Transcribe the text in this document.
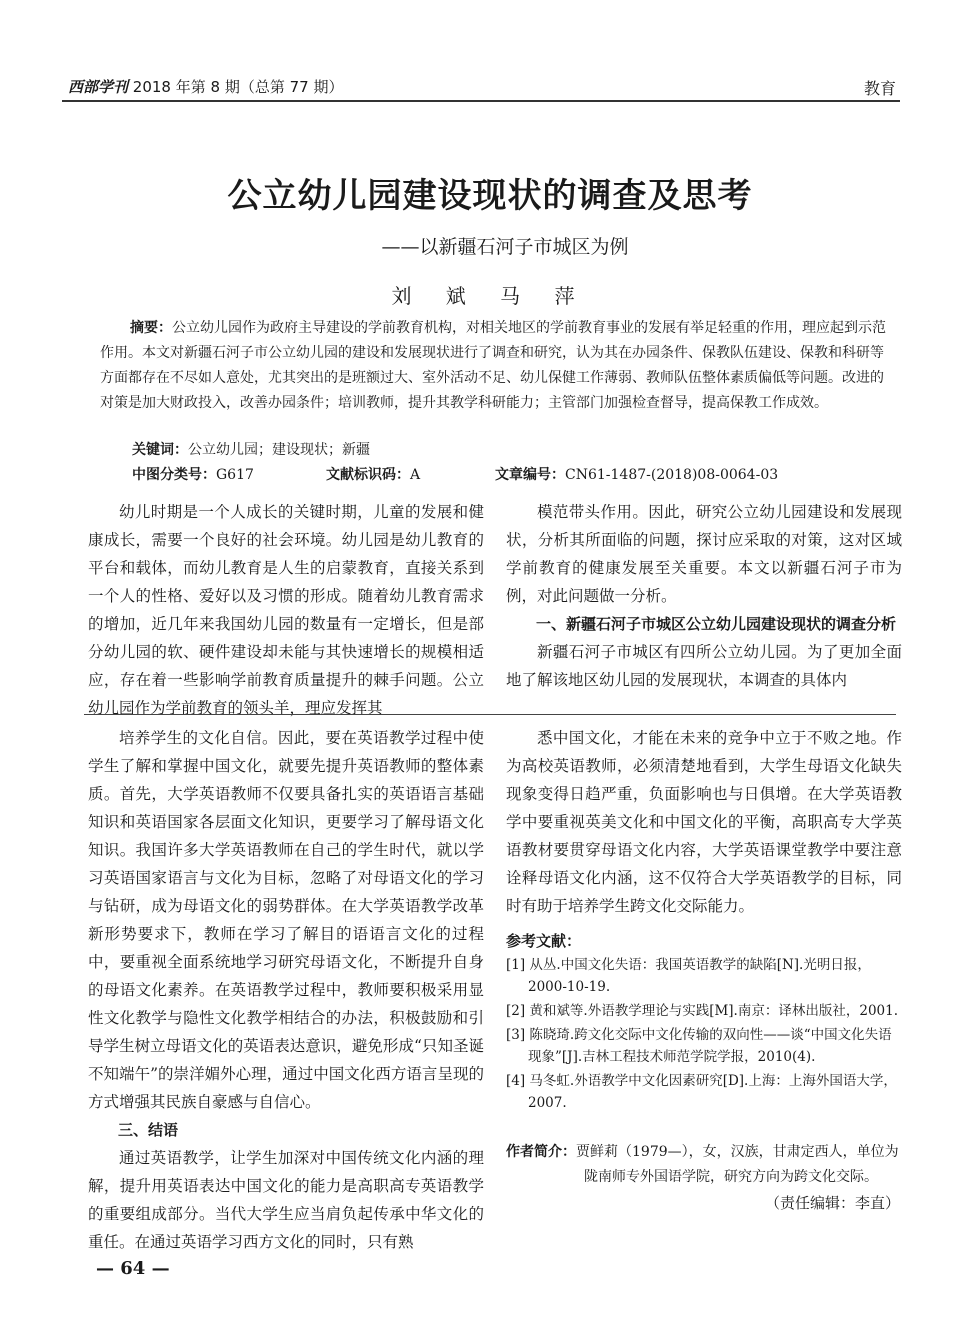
西部学刊 2018 年第 8 期（总第 77 期）	教育
公立幼儿园建设现状的调查及思考
——以新疆石河子市城区为例
刘 斌 马 萍
摘要：公立幼儿园作为政府主导建设的学前教育机构，对相关地区的学前教育事业的发展有举足轻重的作用，理应起到示范作用。本文对新疆石河子市公立幼儿园的建设和发展现状进行了调查和研究，认为其在办园条件、保教队伍建设、保教和科研等方面都存在不尽如人意处，尤其突出的是班额过大、室外活动不足、幼儿保健工作薄弱、教师队伍整体素质偏低等问题。改进的对策是加大财政投入，改善办园条件；培训教师，提升其教学科研能力；主管部门加强检查督导，提高保教工作成效。
关键词：公立幼儿园；建设现状；新疆
中图分类号：G617	文献标识码：A	文章编号：CN61-1487-(2018)08-0064-03

幼儿时期是一个人成长的关键时期，儿童的发展和健康成长，需要一个良好的社会环境。幼儿园是幼儿教育的平台和载体，而幼儿教育是人生的启蒙教育，直接关系到一个人的性格、爱好以及习惯的形成。随着幼儿教育需求的增加，近几年来我国幼儿园的数量有一定增长，但是部分幼儿园的软、硬件建设却未能与其快速增长的规模相适应，存在着一些影响学前教育质量提升的棘手问题。公立幼儿园作为学前教育的领头羊，理应发挥其

模范带头作用。因此，研究公立幼儿园建设和发展现状，分析其所面临的问题，探讨应采取的对策，这对区域学前教育的健康发展至关重要。本文以新疆石河子市为例，对此问题做一分析。

一、新疆石河子市城区公立幼儿园建设现状的调查分析

新疆石河子市城区有四所公立幼儿园。为了更加全面地了解该地区幼儿园的发展现状，本调查的具体内

培养学生的文化自信。因此，要在英语教学过程中使学生了解和掌握中国文化，就要先提升英语教师的整体素质。首先，大学英语教师不仅要具备扎实的英语语言基础知识和英语国家各层面文化知识，更要学习了解母语文化知识。我国许多大学英语教师在自己的学生时代，就以学习英语国家语言与文化为目标，忽略了对母语文化的学习与钻研，成为母语文化的弱势群体。在大学英语教学改革新形势要求下，教师在学习了解目的语语言文化的过程中，要重视全面系统地学习研究母语文化，不断提升自身的母语文化素养。在英语教学过程中，教师要积极采用显性文化教学与隐性文化教学相结合的办法，积极鼓励和引导学生树立母语文化的英语表达意识，避免形成“只知圣诞不知端午”的崇洋媚外心理，通过中国文化西方语言呈现的方式增强其民族自豪感与自信心。

三、结语

通过英语教学，让学生加深对中国传统文化内涵的理解，提升用英语表达中国文化的能力是高职高专英语教学的重要组成部分。当代大学生应当肩负起传承中华文化的重任。在通过英语学习西方文化的同时，只有熟

悉中国文化，才能在未来的竞争中立于不败之地。作为高校英语教师，必须清楚地看到，大学生母语文化缺失现象变得日趋严重，负面影响也与日俱增。在大学英语教学中要重视英美文化和中国文化的平衡，高职高专大学英语教材要贯穿母语文化内容，大学英语课堂教学中要注意诠释母语文化内涵，这不仅符合大学英语教学的目标，同时有助于培养学生跨文化交际能力。

参考文献：

[1] 从丛.中国文化失语：我国英语教学的缺陷[N].光明日报，2000-10-19.

[2] 黄和斌等.外语教学理论与实践[M].南京：译林出版社，2001.

[3] 陈晓琦.跨文化交际中文化传输的双向性——谈“中国文化失语现象”[J].吉林工程技术师范学院学报，2010(4).

[4] 马冬虹.外语教学中文化因素研究[D].上海：上海外国语大学，2007.

作者简介：贾鲜莉（1979—），女，汉族，甘肃定西人，单位为
陇南师专外国语学院，研究方向为跨文化交际。
（责任编辑：李直）
— 64 —
